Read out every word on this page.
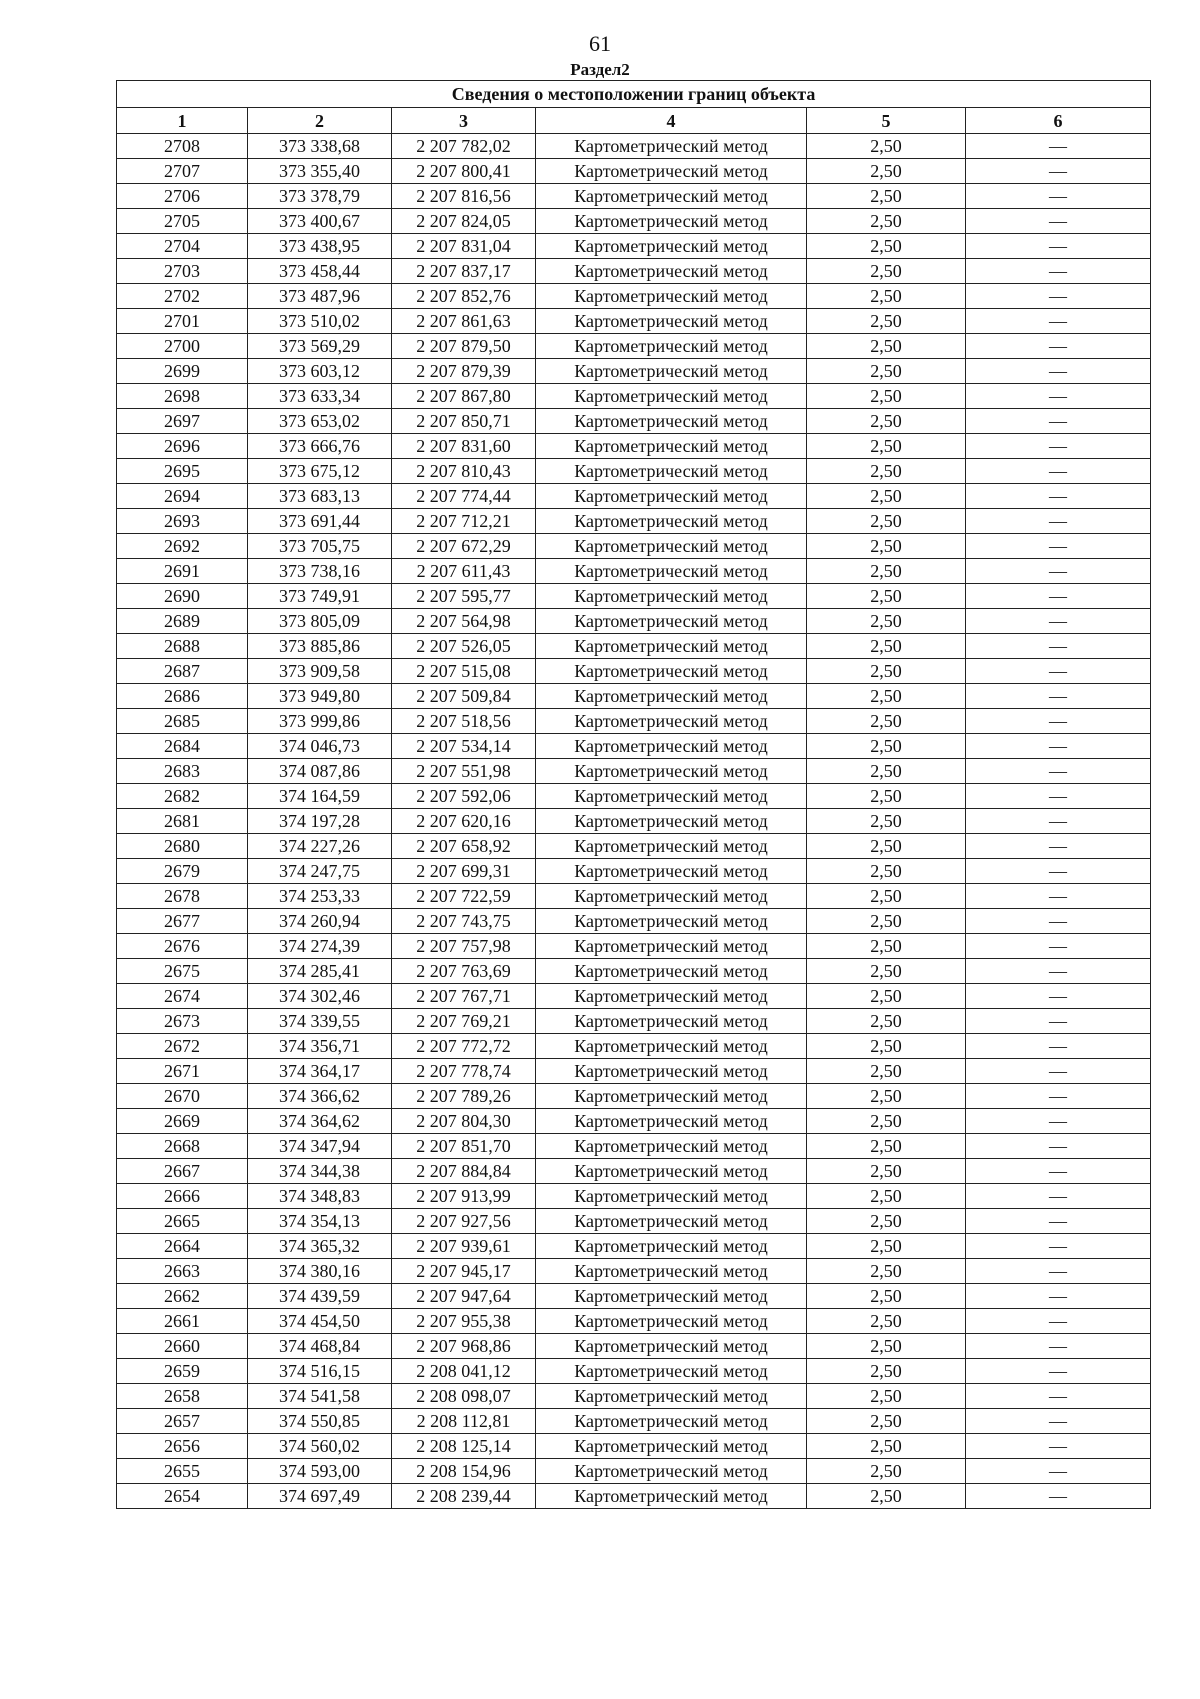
61
Раздел2
Сведения о местоположении границ объекта					
1	2	3	4	5	6
2708	373 338,68	2 207 782,02	Картометрический метод	2,50	—
2707	373 355,40	2 207 800,41	Картометрический метод	2,50	—
2706	373 378,79	2 207 816,56	Картометрический метод	2,50	—
2705	373 400,67	2 207 824,05	Картометрический метод	2,50	—
2704	373 438,95	2 207 831,04	Картометрический метод	2,50	—
2703	373 458,44	2 207 837,17	Картометрический метод	2,50	—
2702	373 487,96	2 207 852,76	Картометрический метод	2,50	—
2701	373 510,02	2 207 861,63	Картометрический метод	2,50	—
2700	373 569,29	2 207 879,50	Картометрический метод	2,50	—
2699	373 603,12	2 207 879,39	Картометрический метод	2,50	—
2698	373 633,34	2 207 867,80	Картометрический метод	2,50	—
2697	373 653,02	2 207 850,71	Картометрический метод	2,50	—
2696	373 666,76	2 207 831,60	Картометрический метод	2,50	—
2695	373 675,12	2 207 810,43	Картометрический метод	2,50	—
2694	373 683,13	2 207 774,44	Картометрический метод	2,50	—
2693	373 691,44	2 207 712,21	Картометрический метод	2,50	—
2692	373 705,75	2 207 672,29	Картометрический метод	2,50	—
2691	373 738,16	2 207 611,43	Картометрический метод	2,50	—
2690	373 749,91	2 207 595,77	Картометрический метод	2,50	—
2689	373 805,09	2 207 564,98	Картометрический метод	2,50	—
2688	373 885,86	2 207 526,05	Картометрический метод	2,50	—
2687	373 909,58	2 207 515,08	Картометрический метод	2,50	—
2686	373 949,80	2 207 509,84	Картометрический метод	2,50	—
2685	373 999,86	2 207 518,56	Картометрический метод	2,50	—
2684	374 046,73	2 207 534,14	Картометрический метод	2,50	—
2683	374 087,86	2 207 551,98	Картометрический метод	2,50	—
2682	374 164,59	2 207 592,06	Картометрический метод	2,50	—
2681	374 197,28	2 207 620,16	Картометрический метод	2,50	—
2680	374 227,26	2 207 658,92	Картометрический метод	2,50	—
2679	374 247,75	2 207 699,31	Картометрический метод	2,50	—
2678	374 253,33	2 207 722,59	Картометрический метод	2,50	—
2677	374 260,94	2 207 743,75	Картометрический метод	2,50	—
2676	374 274,39	2 207 757,98	Картометрический метод	2,50	—
2675	374 285,41	2 207 763,69	Картометрический метод	2,50	—
2674	374 302,46	2 207 767,71	Картометрический метод	2,50	—
2673	374 339,55	2 207 769,21	Картометрический метод	2,50	—
2672	374 356,71	2 207 772,72	Картометрический метод	2,50	—
2671	374 364,17	2 207 778,74	Картометрический метод	2,50	—
2670	374 366,62	2 207 789,26	Картометрический метод	2,50	—
2669	374 364,62	2 207 804,30	Картометрический метод	2,50	—
2668	374 347,94	2 207 851,70	Картометрический метод	2,50	—
2667	374 344,38	2 207 884,84	Картометрический метод	2,50	—
2666	374 348,83	2 207 913,99	Картометрический метод	2,50	—
2665	374 354,13	2 207 927,56	Картометрический метод	2,50	—
2664	374 365,32	2 207 939,61	Картометрический метод	2,50	—
2663	374 380,16	2 207 945,17	Картометрический метод	2,50	—
2662	374 439,59	2 207 947,64	Картометрический метод	2,50	—
2661	374 454,50	2 207 955,38	Картометрический метод	2,50	—
2660	374 468,84	2 207 968,86	Картометрический метод	2,50	—
2659	374 516,15	2 208 041,12	Картометрический метод	2,50	—
2658	374 541,58	2 208 098,07	Картометрический метод	2,50	—
2657	374 550,85	2 208 112,81	Картометрический метод	2,50	—
2656	374 560,02	2 208 125,14	Картометрический метод	2,50	—
2655	374 593,00	2 208 154,96	Картометрический метод	2,50	—
2654	374 697,49	2 208 239,44	Картометрический метод	2,50	—
